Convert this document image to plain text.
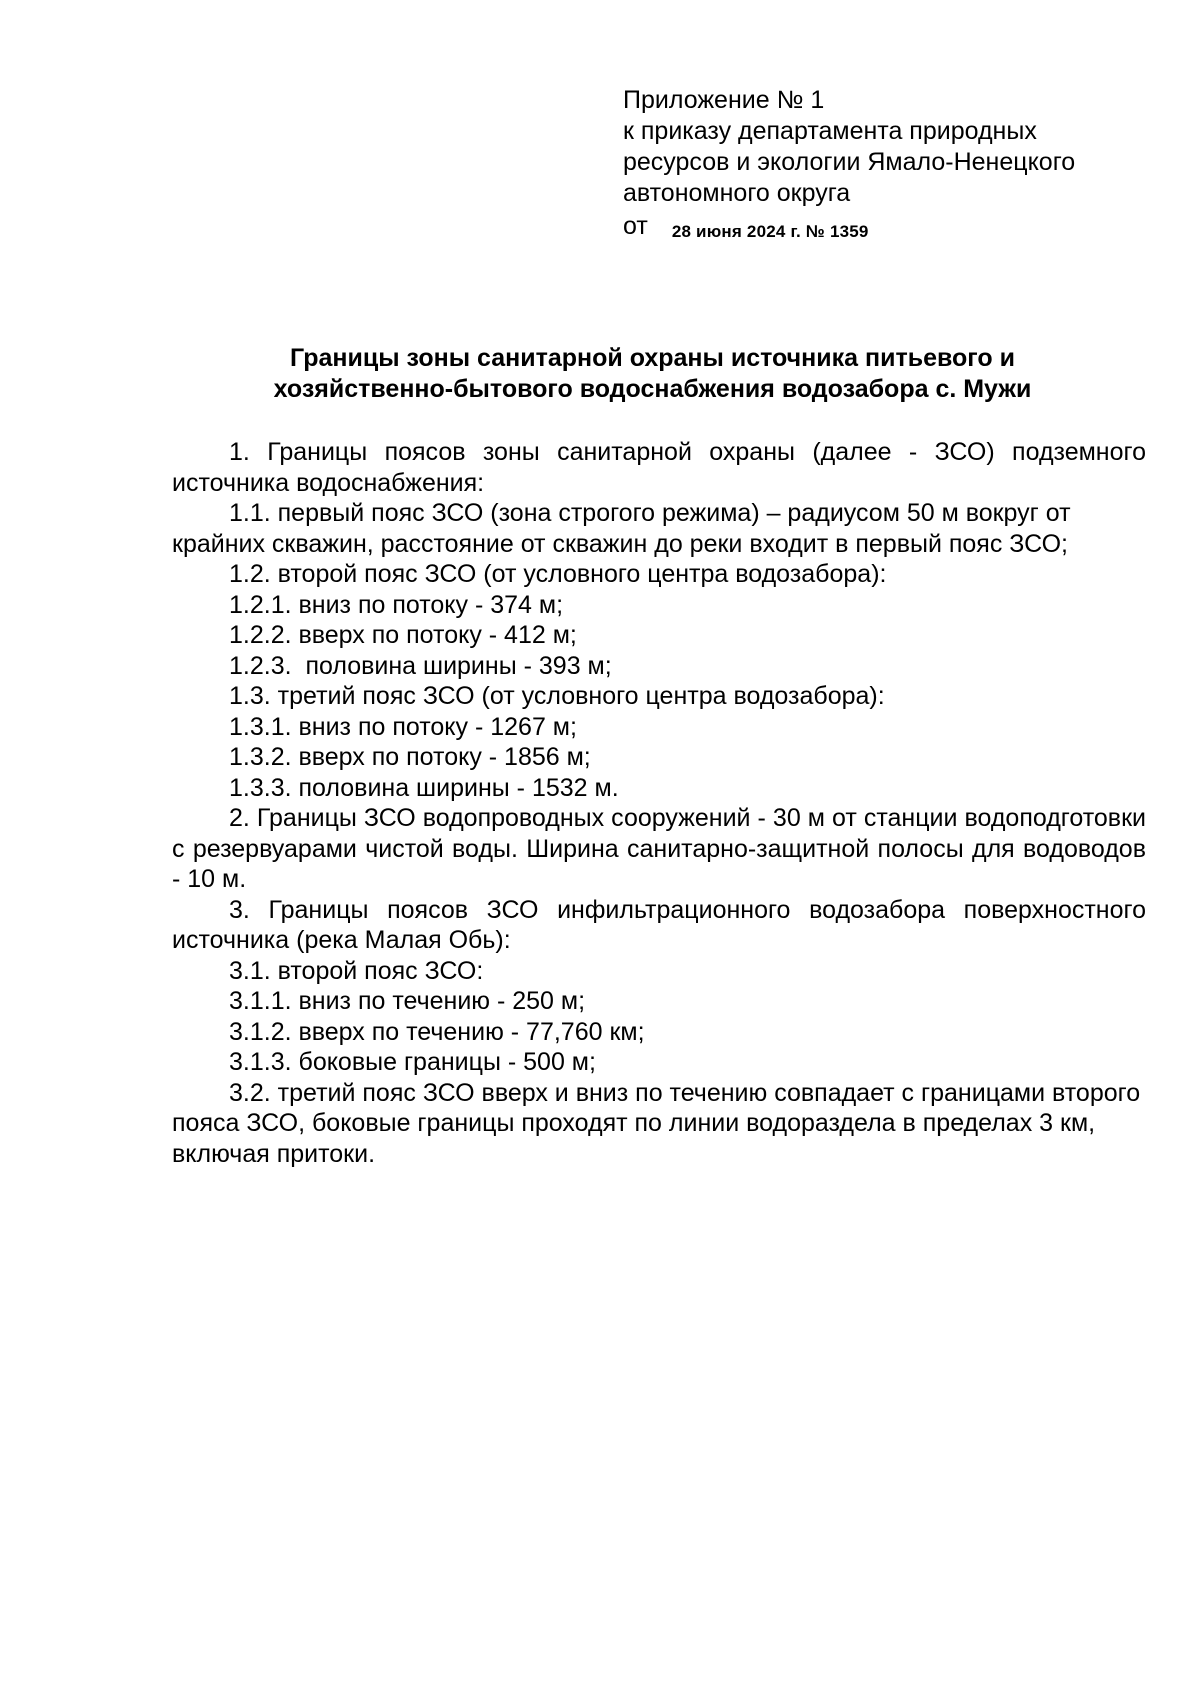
Приложение № 1
к приказу департамента природных
ресурсов и экологии Ямало-Ненецкого
автономного округа
от 28 июня 2024 г. № 1359
Границы зоны санитарной охраны источника питьевого и
хозяйственно-бытового водоснабжения водозабора с. Мужи

1. Границы поясов зоны санитарной охраны (далее - ЗСО) подземного источника водоснабжения:

1.1. первый пояс ЗСО (зона строгого режима) – радиусом 50 м вокруг от крайних скважин, расстояние от скважин до реки входит в первый пояс ЗСО;

1.2. второй пояс ЗСО (от условного центра водозабора):

1.2.1. вниз по потоку - 374 м;

1.2.2. вверх по потоку - 412 м;

1.2.3.  половина ширины - 393 м;

1.3. третий пояс ЗСО (от условного центра водозабора):

1.3.1. вниз по потоку - 1267 м;

1.3.2. вверх по потоку - 1856 м;

1.3.3. половина ширины - 1532 м.

2. Границы ЗСО водопроводных сооружений - 30 м от станции водоподготовки с резервуарами чистой воды. Ширина санитарно-защитной полосы для водоводов - 10 м.

3. Границы поясов ЗСО инфильтрационного водозабора поверхностного источника (река Малая Обь):

3.1. второй пояс ЗСО:

3.1.1. вниз по течению - 250 м;

3.1.2. вверх по течению - 77,760 км;

3.1.3. боковые границы - 500 м;

3.2. третий пояс ЗСО вверх и вниз по течению совпадает с границами второго пояса ЗСО, боковые границы проходят по линии водораздела в пределах 3 км, включая притоки.
